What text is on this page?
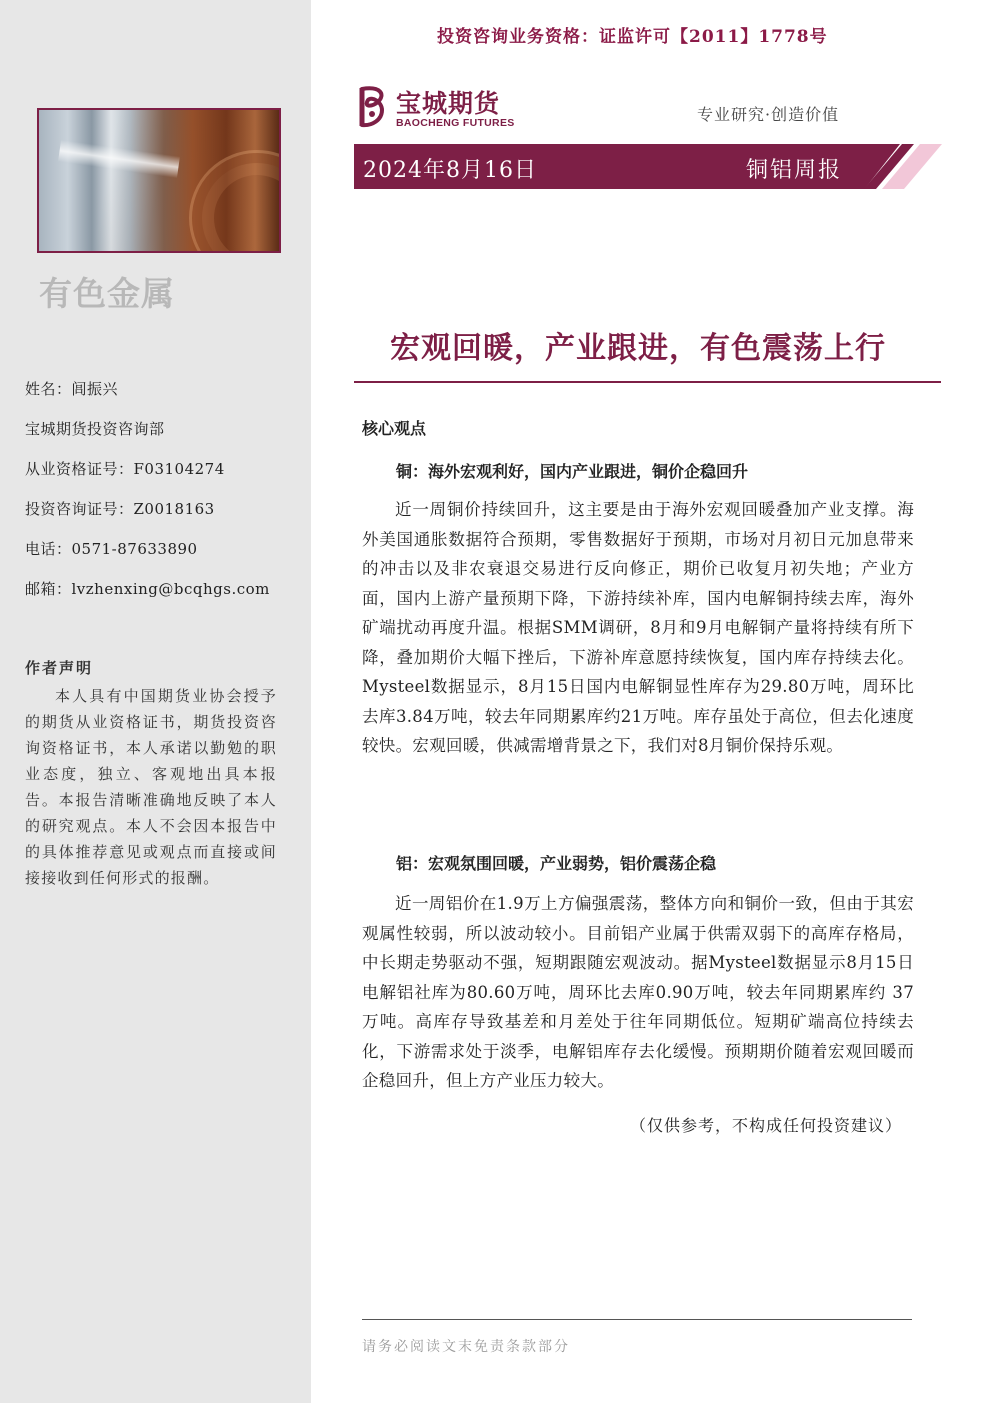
有色金属
姓名：闾振兴
宝城期货投资咨询部
从业资格证号：F03104274
投资咨询证号：Z0018163
电话：0571-87633890
邮箱：lvzhenxing@bcqhgs.com
作者声明
本人具有中国期货业协会授予的期货从业资格证书，期货投资咨询资格证书，本人承诺以勤勉的职业态度，独立、客观地出具本报告。本报告清晰准确地反映了本人的研究观点。本人不会因本报告中的具体推荐意见或观点而直接或间接接收到任何形式的报酬。
投资咨询业务资格：证监许可【2011】1778号
宝城期货
BAOCHENG FUTURES	专业研究·创造价值
2024年8月16日	铜铝周报
宏观回暖，产业跟进，有色震荡上行
核心观点
铜：海外宏观利好，国内产业跟进，铜价企稳回升
近一周铜价持续回升，这主要是由于海外宏观回暖叠加产业支撑。海外美国通胀数据符合预期，零售数据好于预期，市场对月初日元加息带来的冲击以及非农衰退交易进行反向修正，期价已收复月初失地；产业方面，国内上游产量预期下降，下游持续补库，国内电解铜持续去库，海外矿端扰动再度升温。根据SMM调研，8月和9月电解铜产量将持续有所下降，叠加期价大幅下挫后，下游补库意愿持续恢复，国内库存持续去化。Mysteel数据显示，8月15日国内电解铜显性库存为29.80万吨，周环比去库3.84万吨，较去年同期累库约21万吨。库存虽处于高位，但去化速度较快。宏观回暖，供减需增背景之下，我们对8月铜价保持乐观。
铝：宏观氛围回暖，产业弱势，铝价震荡企稳
近一周铝价在1.9万上方偏强震荡，整体方向和铜价一致，但由于其宏观属性较弱，所以波动较小。目前铝产业属于供需双弱下的高库存格局，中长期走势驱动不强，短期跟随宏观波动。据Mysteel数据显示8月15日电解铝社库为80.60万吨，周环比去库0.90万吨，较去年同期累库约 37 万吨。高库存导致基差和月差处于往年同期低位。短期矿端高位持续去化，下游需求处于淡季，电解铝库存去化缓慢。预期期价随着宏观回暖而企稳回升，但上方产业压力较大。
（仅供参考，不构成任何投资建议）
请务必阅读文末免责条款部分
